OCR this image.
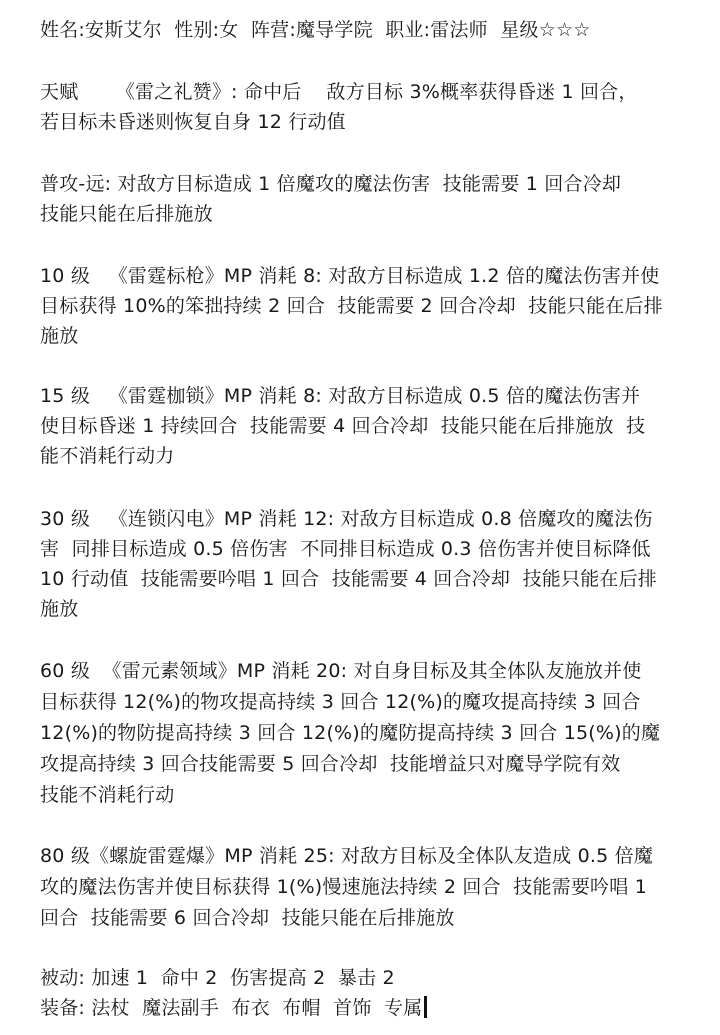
姓名:安斯艾尔  性别:女  阵营:魔导学院  职业:雷法师  星级☆☆☆
天赋      《雷之礼赞》: 命中后    敌方目标 3%概率获得昏迷 1 回合，
若目标未昏迷则恢复自身 12 行动值
普攻-远: 对敌方目标造成 1 倍魔攻的魔法伤害  技能需要 1 回合冷却
技能只能在后排施放
10 级   《雷霆标枪》MP 消耗 8: 对敌方目标造成 1.2 倍的魔法伤害并使
目标获得 10%的笨拙持续 2 回合  技能需要 2 回合冷却  技能只能在后排
施放
15 级   《雷霆枷锁》MP 消耗 8: 对敌方目标造成 0.5 倍的魔法伤害并
使目标昏迷 1 持续回合  技能需要 4 回合冷却  技能只能在后排施放  技
能不消耗行动力
30 级   《连锁闪电》MP 消耗 12: 对敌方目标造成 0.8 倍魔攻的魔法伤
害  同排目标造成 0.5 倍伤害  不同排目标造成 0.3 倍伤害并使目标降低
10 行动值  技能需要吟唱 1 回合  技能需要 4 回合冷却  技能只能在后排
施放
60 级  《雷元素领域》MP 消耗 20: 对自身目标及其全体队友施放并使
目标获得 12(%)的物攻提高持续 3 回合 12(%)的魔攻提高持续 3 回合
12(%)的物防提高持续 3 回合 12(%)的魔防提高持续 3 回合 15(%)的魔
攻提高持续 3 回合技能需要 5 回合冷却  技能增益只对魔导学院有效
技能不消耗行动
80 级《螺旋雷霆爆》MP 消耗 25: 对敌方目标及全体队友造成 0.5 倍魔
攻的魔法伤害并使目标获得 1(%)慢速施法持续 2 回合  技能需要吟唱 1
回合  技能需要 6 回合冷却  技能只能在后排施放
被动: 加速 1  命中 2  伤害提高 2  暴击 2
装备: 法杖  魔法副手  布衣  布帽  首饰  专属
